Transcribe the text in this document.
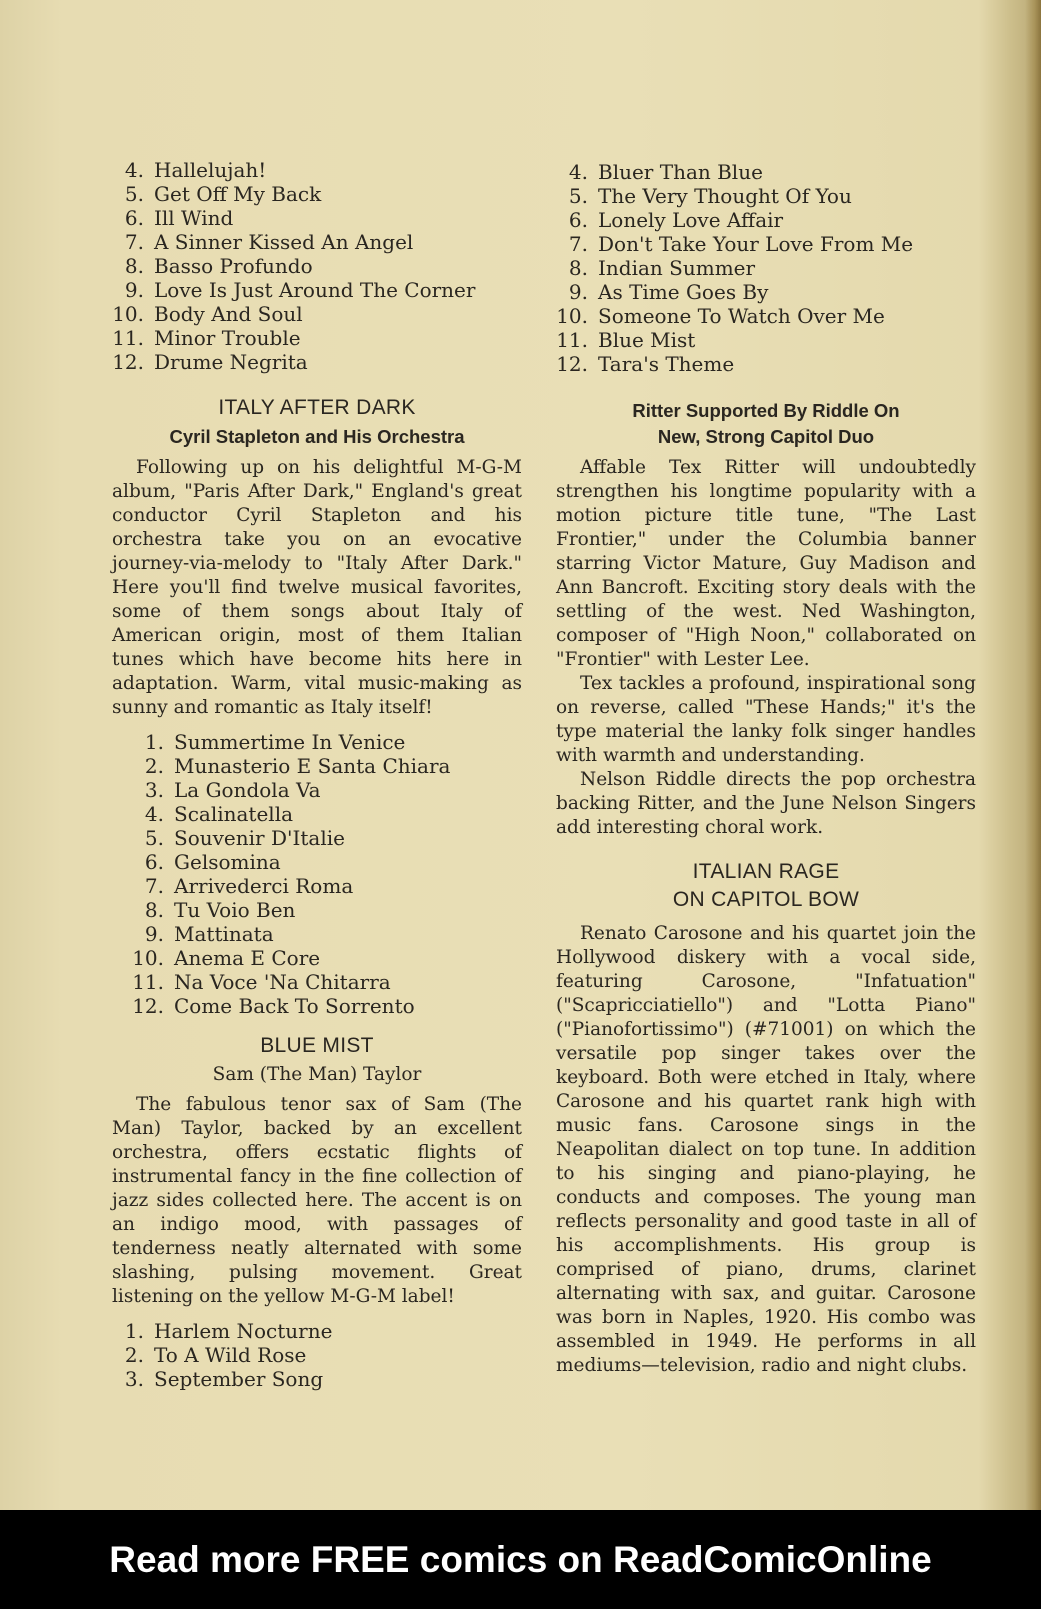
4. Hallelujah!
5. Get Off My Back
6. Ill Wind
7. A Sinner Kissed An Angel
8. Basso Profundo
9. Love Is Just Around The Corner
10. Body And Soul
11. Minor Trouble
12. Drume Negrita
ITALY AFTER DARK

Cyril Stapleton and His Orchestra

Following up on his delightful M-G-M album, "Paris After Dark," England's great conductor Cyril Stapleton and his orchestra take you on an evocative journey-via-melody to "Italy After Dark." Here you'll find twelve musical favorites, some of them songs about Italy of American origin, most of them Italian tunes which have become hits here in adaptation. Warm, vital music-making as sunny and romantic as Italy itself!

1. Summertime In Venice
2. Munasterio E Santa Chiara
3. La Gondola Va
4. Scalinatella
5. Souvenir D'Italie
6. Gelsomina
7. Arrivederci Roma
8. Tu Voio Ben
9. Mattinata
10. Anema E Core
11. Na Voce 'Na Chitarra
12. Come Back To Sorrento
BLUE MIST

Sam (The Man) Taylor

The fabulous tenor sax of Sam (The Man) Taylor, backed by an excellent orchestra, offers ecstatic flights of instrumental fancy in the fine collection of jazz sides collected here. The accent is on an indigo mood, with passages of tenderness neatly alternated with some slashing, pulsing movement. Great listening on the yellow M-G-M label!

1. Harlem Nocturne
2. To A Wild Rose
3. September Song
4. Bluer Than Blue
5. The Very Thought Of You
6. Lonely Love Affair
7. Don't Take Your Love From Me
8. Indian Summer
9. As Time Goes By
10. Someone To Watch Over Me
11. Blue Mist
12. Tara's Theme

Ritter Supported By Riddle On

New, Strong Capitol Duo

Affable Tex Ritter will undoubtedly strengthen his longtime popularity with a motion picture title tune, "The Last Frontier," under the Columbia banner starring Victor Mature, Guy Madison and Ann Bancroft. Exciting story deals with the settling of the west. Ned Washington, composer of "High Noon," collaborated on "Frontier" with Lester Lee.

Tex tackles a profound, inspirational song on reverse, called "These Hands;" it's the type material the lanky folk singer handles with warmth and understanding.

Nelson Riddle directs the pop orchestra backing Ritter, and the June Nelson Singers add interesting choral work.

ITALIAN RAGE
ON CAPITOL BOW

Renato Carosone and his quartet join the Hollywood diskery with a vocal side, featuring Carosone, "Infatuation" ("Scapricciatiello") and "Lotta Piano" ("Pianofortissimo") (#71001) on which the versatile pop singer takes over the keyboard. Both were etched in Italy, where Carosone and his quartet rank high with music fans. Carosone sings in the Neapolitan dialect on top tune. In addition to his singing and piano-playing, he conducts and composes. The young man reflects personality and good taste in all of his accomplishments. His group is comprised of piano, drums, clarinet alternating with sax, and guitar. Carosone was born in Naples, 1920. His combo was assembled in 1949. He performs in all mediums—television, radio and night clubs.

Read more FREE comics on ReadComicOnline
